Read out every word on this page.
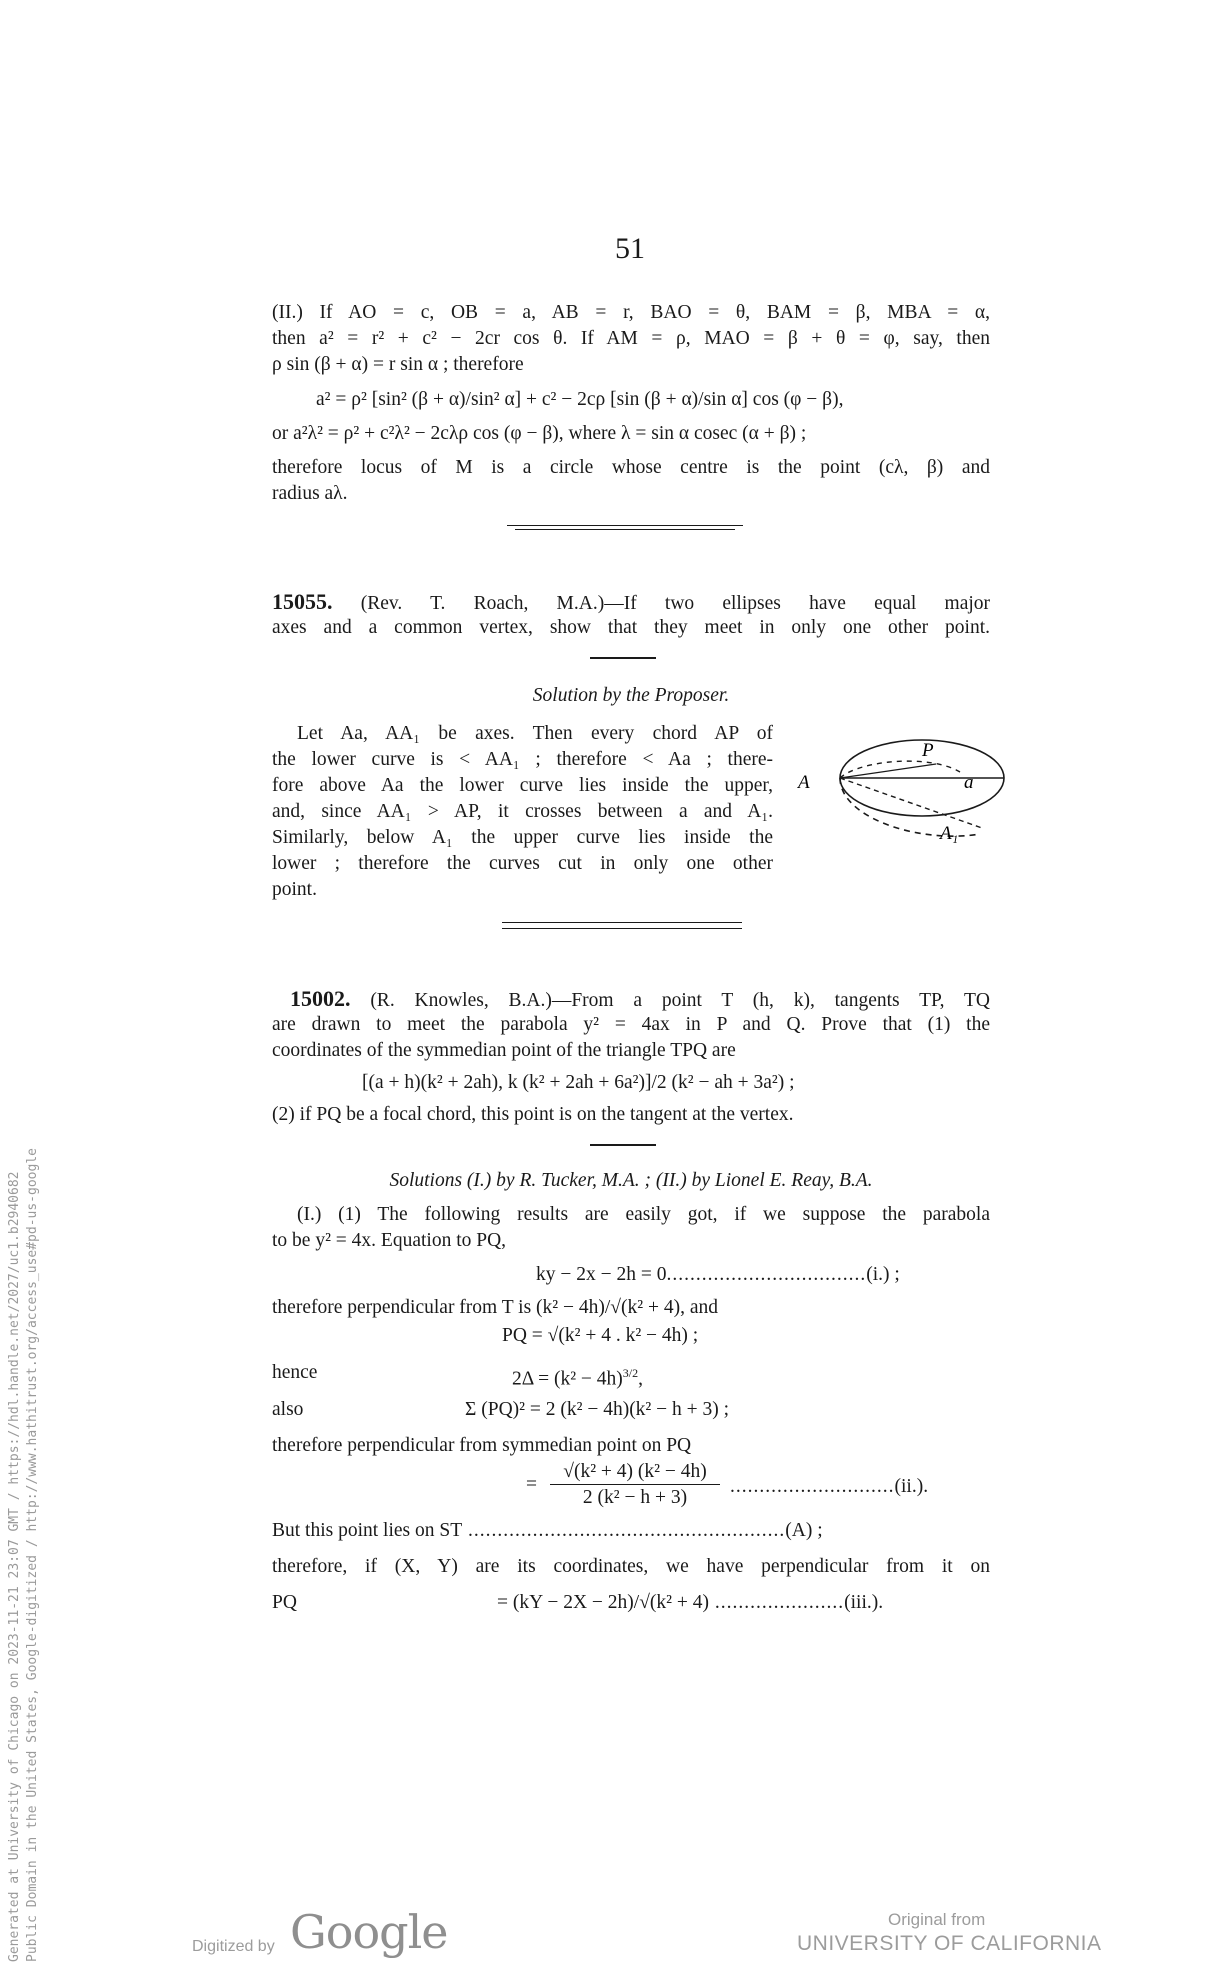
51
(II.) If AO = c, OB = a, AB = r, BAO = θ, BAM = β, MBA = α,
then a² = r² + c² − 2cr cos θ. If AM = ρ, MAO = β + θ = φ, say, then
ρ sin (β + α) = r sin α ; therefore
a² = ρ² [sin² (β + α)/sin² α] + c² − 2cρ [sin (β + α)/sin α] cos (φ − β),
or a²λ² = ρ² + c²λ² − 2cλρ cos (φ − β), where λ = sin α cosec (α + β) ;
therefore locus of M is a circle whose centre is the point (cλ, β) and
radius aλ.
15055. (Rev. T. Roach, M.A.)—If two ellipses have equal major
axes and a common vertex, show that they meet in only one other point.
Solution by the Proposer.
Let Aa, AA₁ be axes. Then every chord AP of
the lower curve is < AA₁ ; therefore < Aa ; there-
fore above Aa the lower curve lies inside the upper,
and, since AA₁ > AP, it crosses between a and A₁.
Similarly, below A₁ the upper curve lies inside the
lower ; therefore the curves cut in only one other
point.
A
P
a
A₁
15002. (R. Knowles, B.A.)—From a point T (h, k), tangents TP, TQ
are drawn to meet the parabola y² = 4ax in P and Q. Prove that (1) the
coordinates of the symmedian point of the triangle TPQ are
[(a + h)(k² + 2ah), k (k² + 2ah + 6a²)]/2 (k² − ah + 3a²) ;
(2) if PQ be a focal chord, this point is on the tangent at the vertex.
Solutions (I.) by R. Tucker, M.A. ; (II.) by Lionel E. Reay, B.A.
(I.) (1) The following results are easily got, if we suppose the parabola
to be y² = 4x. Equation to PQ,
ky − 2x − 2h = 0..................................(i.) ;
therefore perpendicular from T is (k² − 4h)/√(k² + 4), and
PQ = √(k² + 4 . k² − 4h) ;
hence	$2\Delta = (k^2 - 4h)^{3/2}$,
also	Σ (PQ)² = 2 (k² − 4h)(k² − h + 3) ;
therefore perpendicular from symmedian point on PQ
=
√(k² + 4) (k² − 4h)
2 (k² − h + 3)
............................(ii.).
But this point lies on ST ......................................................(A) ;
therefore, if (X, Y) are its coordinates, we have perpendicular from it on
PQ	= (kY − 2X − 2h)/√(k² + 4) ......................(iii.).
Generated at University of Chicago on 2023-11-21 23:07 GMT / https://hdl.handle.net/2027/uc1.b2940682 Public Domain in the United States, Google-digitized / http://www.hathitrust.org/access_use#pd-us-google	Digitized by Google	Original from
UNIVERSITY OF CALIFORNIA
